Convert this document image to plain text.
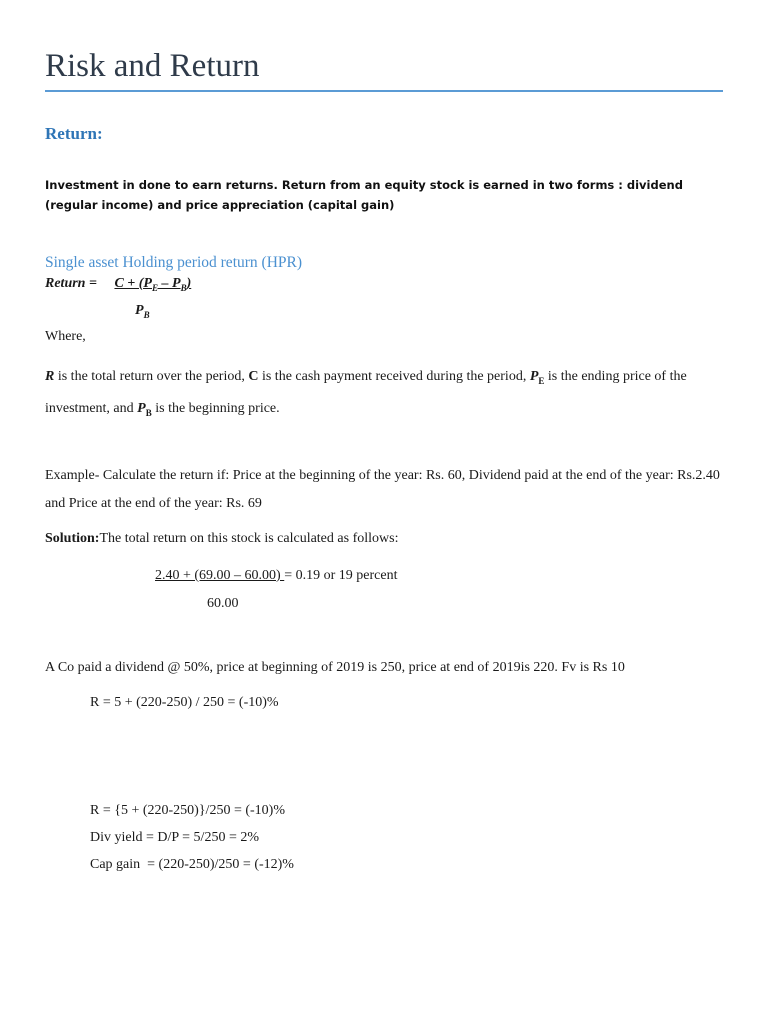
Risk and Return
Return:
Investment in done to earn returns. Return from an equity stock is earned in two forms : dividend (regular income) and price appreciation (capital gain)
Single asset Holding period return (HPR)
Return = $C + (P_E - P_B)$
$P_B$
Where,
R is the total return over the period, C is the cash payment received during the period, $P_E$ is the ending price of the investment, and $P_B$ is the beginning price.
Example- Calculate the return if: Price at the beginning of the year: Rs. 60, Dividend paid at the end of the year: Rs.2.40 and Price at the end of the year: Rs. 69
Solution:The total return on this stock is calculated as follows:
2.40 + (69.00 – 60.00) = 0.19 or 19 percent
60.00
A Co paid a dividend @ 50%, price at beginning of 2019 is 250, price at end of 2019is 220. Fv is Rs 10
R = 5 + (220-250) / 250 = (-10)%
R = {5 + (220-250)}/250 = (-10)%
Div yield = D/P = 5/250 = 2%
Cap gain  = (220-250)/250 = (-12)%
